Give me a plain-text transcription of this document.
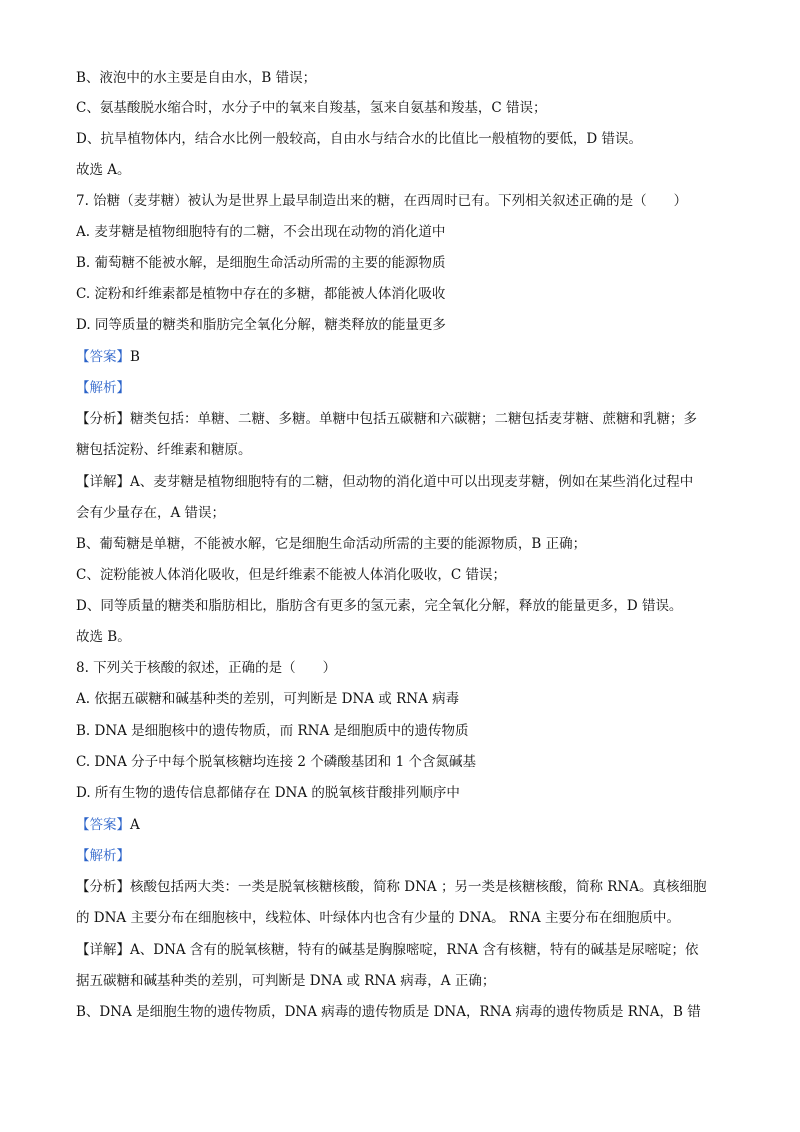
B、液泡中的水主要是自由水，B 错误；
C、氨基酸脱水缩合时，水分子中的氧来自羧基，氢来自氨基和羧基，C 错误；
D、抗旱植物体内，结合水比例一般较高，自由水与结合水的比值比一般植物的要低，D 错误。
故选 A。
7. 饴糖（麦芽糖）被认为是世界上最早制造出来的糖，在西周时已有。下列相关叙述正确的是（　　）
A. 麦芽糖是植物细胞特有的二糖，不会出现在动物的消化道中
B. 葡萄糖不能被水解，是细胞生命活动所需的主要的能源物质
C. 淀粉和纤维素都是植物中存在的多糖，都能被人体消化吸收
D. 同等质量的糖类和脂肪完全氧化分解，糖类释放的能量更多
【答案】B
【解析】
【分析】糖类包括：单糖、二糖、多糖。单糖中包括五碳糖和六碳糖；二糖包括麦芽糖、蔗糖和乳糖；多
糖包括淀粉、纤维素和糖原。
【详解】A、麦芽糖是植物细胞特有的二糖，但动物的消化道中可以出现麦芽糖，例如在某些消化过程中
会有少量存在，A 错误；
B、葡萄糖是单糖，不能被水解，它是细胞生命活动所需的主要的能源物质，B 正确；
C、淀粉能被人体消化吸收，但是纤维素不能被人体消化吸收，C 错误；
D、同等质量的糖类和脂肪相比，脂肪含有更多的氢元素，完全氧化分解，释放的能量更多，D 错误。
故选 B。
8. 下列关于核酸的叙述，正确的是（　　）
A. 依据五碳糖和碱基种类的差别，可判断是 DNA 或 RNA 病毒
B. DNA 是细胞核中的遗传物质，而 RNA 是细胞质中的遗传物质
C. DNA 分子中每个脱氧核糖均连接 2 个磷酸基团和 1 个含氮碱基
D. 所有生物的遗传信息都储存在 DNA 的脱氧核苷酸排列顺序中
【答案】A
【解析】
【分析】核酸包括两大类：一类是脱氧核糖核酸，简称 DNA ；另一类是核糖核酸，简称 RNA。真核细胞
的 DNA 主要分布在细胞核中，线粒体、叶绿体内也含有少量的 DNA。 RNA 主要分布在细胞质中。
【详解】A、DNA 含有的脱氧核糖，特有的碱基是胸腺嘧啶，RNA 含有核糖，特有的碱基是尿嘧啶；依
据五碳糖和碱基种类的差别，可判断是 DNA 或 RNA 病毒，A 正确；
B、DNA 是细胞生物的遗传物质，DNA 病毒的遗传物质是 DNA，RNA 病毒的遗传物质是 RNA，B 错
